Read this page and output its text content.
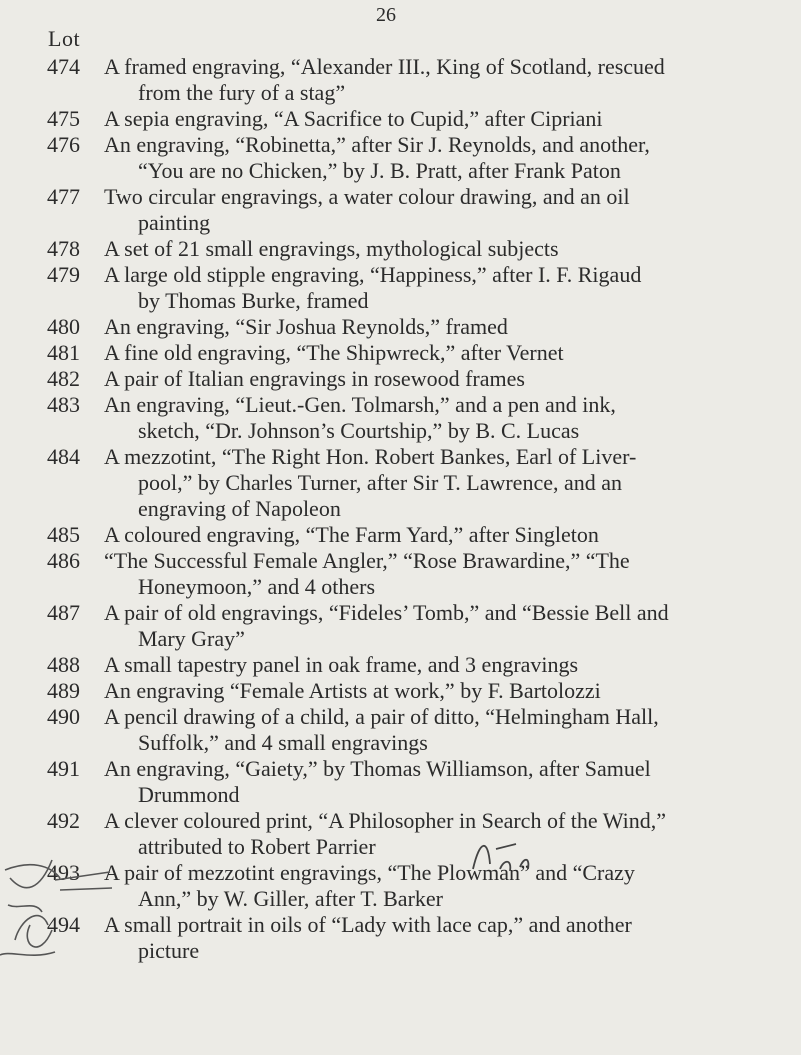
26
Lot
474 A framed engraving, “Alexander III., King of Scotland, rescued
from the fury of a stag”
475 A sepia engraving, “A Sacrifice to Cupid,” after Cipriani
476 An engraving, “Robinetta,” after Sir J. Reynolds, and another,
“You are no Chicken,” by J. B. Pratt, after Frank Paton
477 Two circular engravings, a water colour drawing, and an oil
painting
478 A set of 21 small engravings, mythological subjects
479 A large old stipple engraving, “Happiness,” after I. F. Rigaud
by Thomas Burke, framed
480 An engraving, “Sir Joshua Reynolds,” framed
481 A fine old engraving, “The Shipwreck,” after Vernet
482 A pair of Italian engravings in rosewood frames
483 An engraving, “Lieut.-Gen. Tolmarsh,” and a pen and ink,
sketch, “Dr. Johnson’s Courtship,” by B. C. Lucas
484 A mezzotint, “The Right Hon. Robert Bankes, Earl of Liver-
pool,” by Charles Turner, after Sir T. Lawrence, and an
engraving of Napoleon
485 A coloured engraving, “The Farm Yard,” after Singleton
486 “The Successful Female Angler,” “Rose Brawardine,” “The
Honeymoon,” and 4 others
487 A pair of old engravings, “Fideles’ Tomb,” and “Bessie Bell and
Mary Gray”
488 A small tapestry panel in oak frame, and 3 engravings
489 An engraving “Female Artists at work,” by F. Bartolozzi
490 A pencil drawing of a child, a pair of ditto, “Helmingham Hall,
Suffolk,” and 4 small engravings
491 An engraving, “Gaiety,” by Thomas Williamson, after Samuel
Drummond
492 A clever coloured print, “A Philosopher in Search of the Wind,”
attributed to Robert Parrier
493 A pair of mezzotint engravings, “The Plowman” and “Crazy
Ann,” by W. Giller, after T. Barker
494 A small portrait in oils of “Lady with lace cap,” and another
picture
